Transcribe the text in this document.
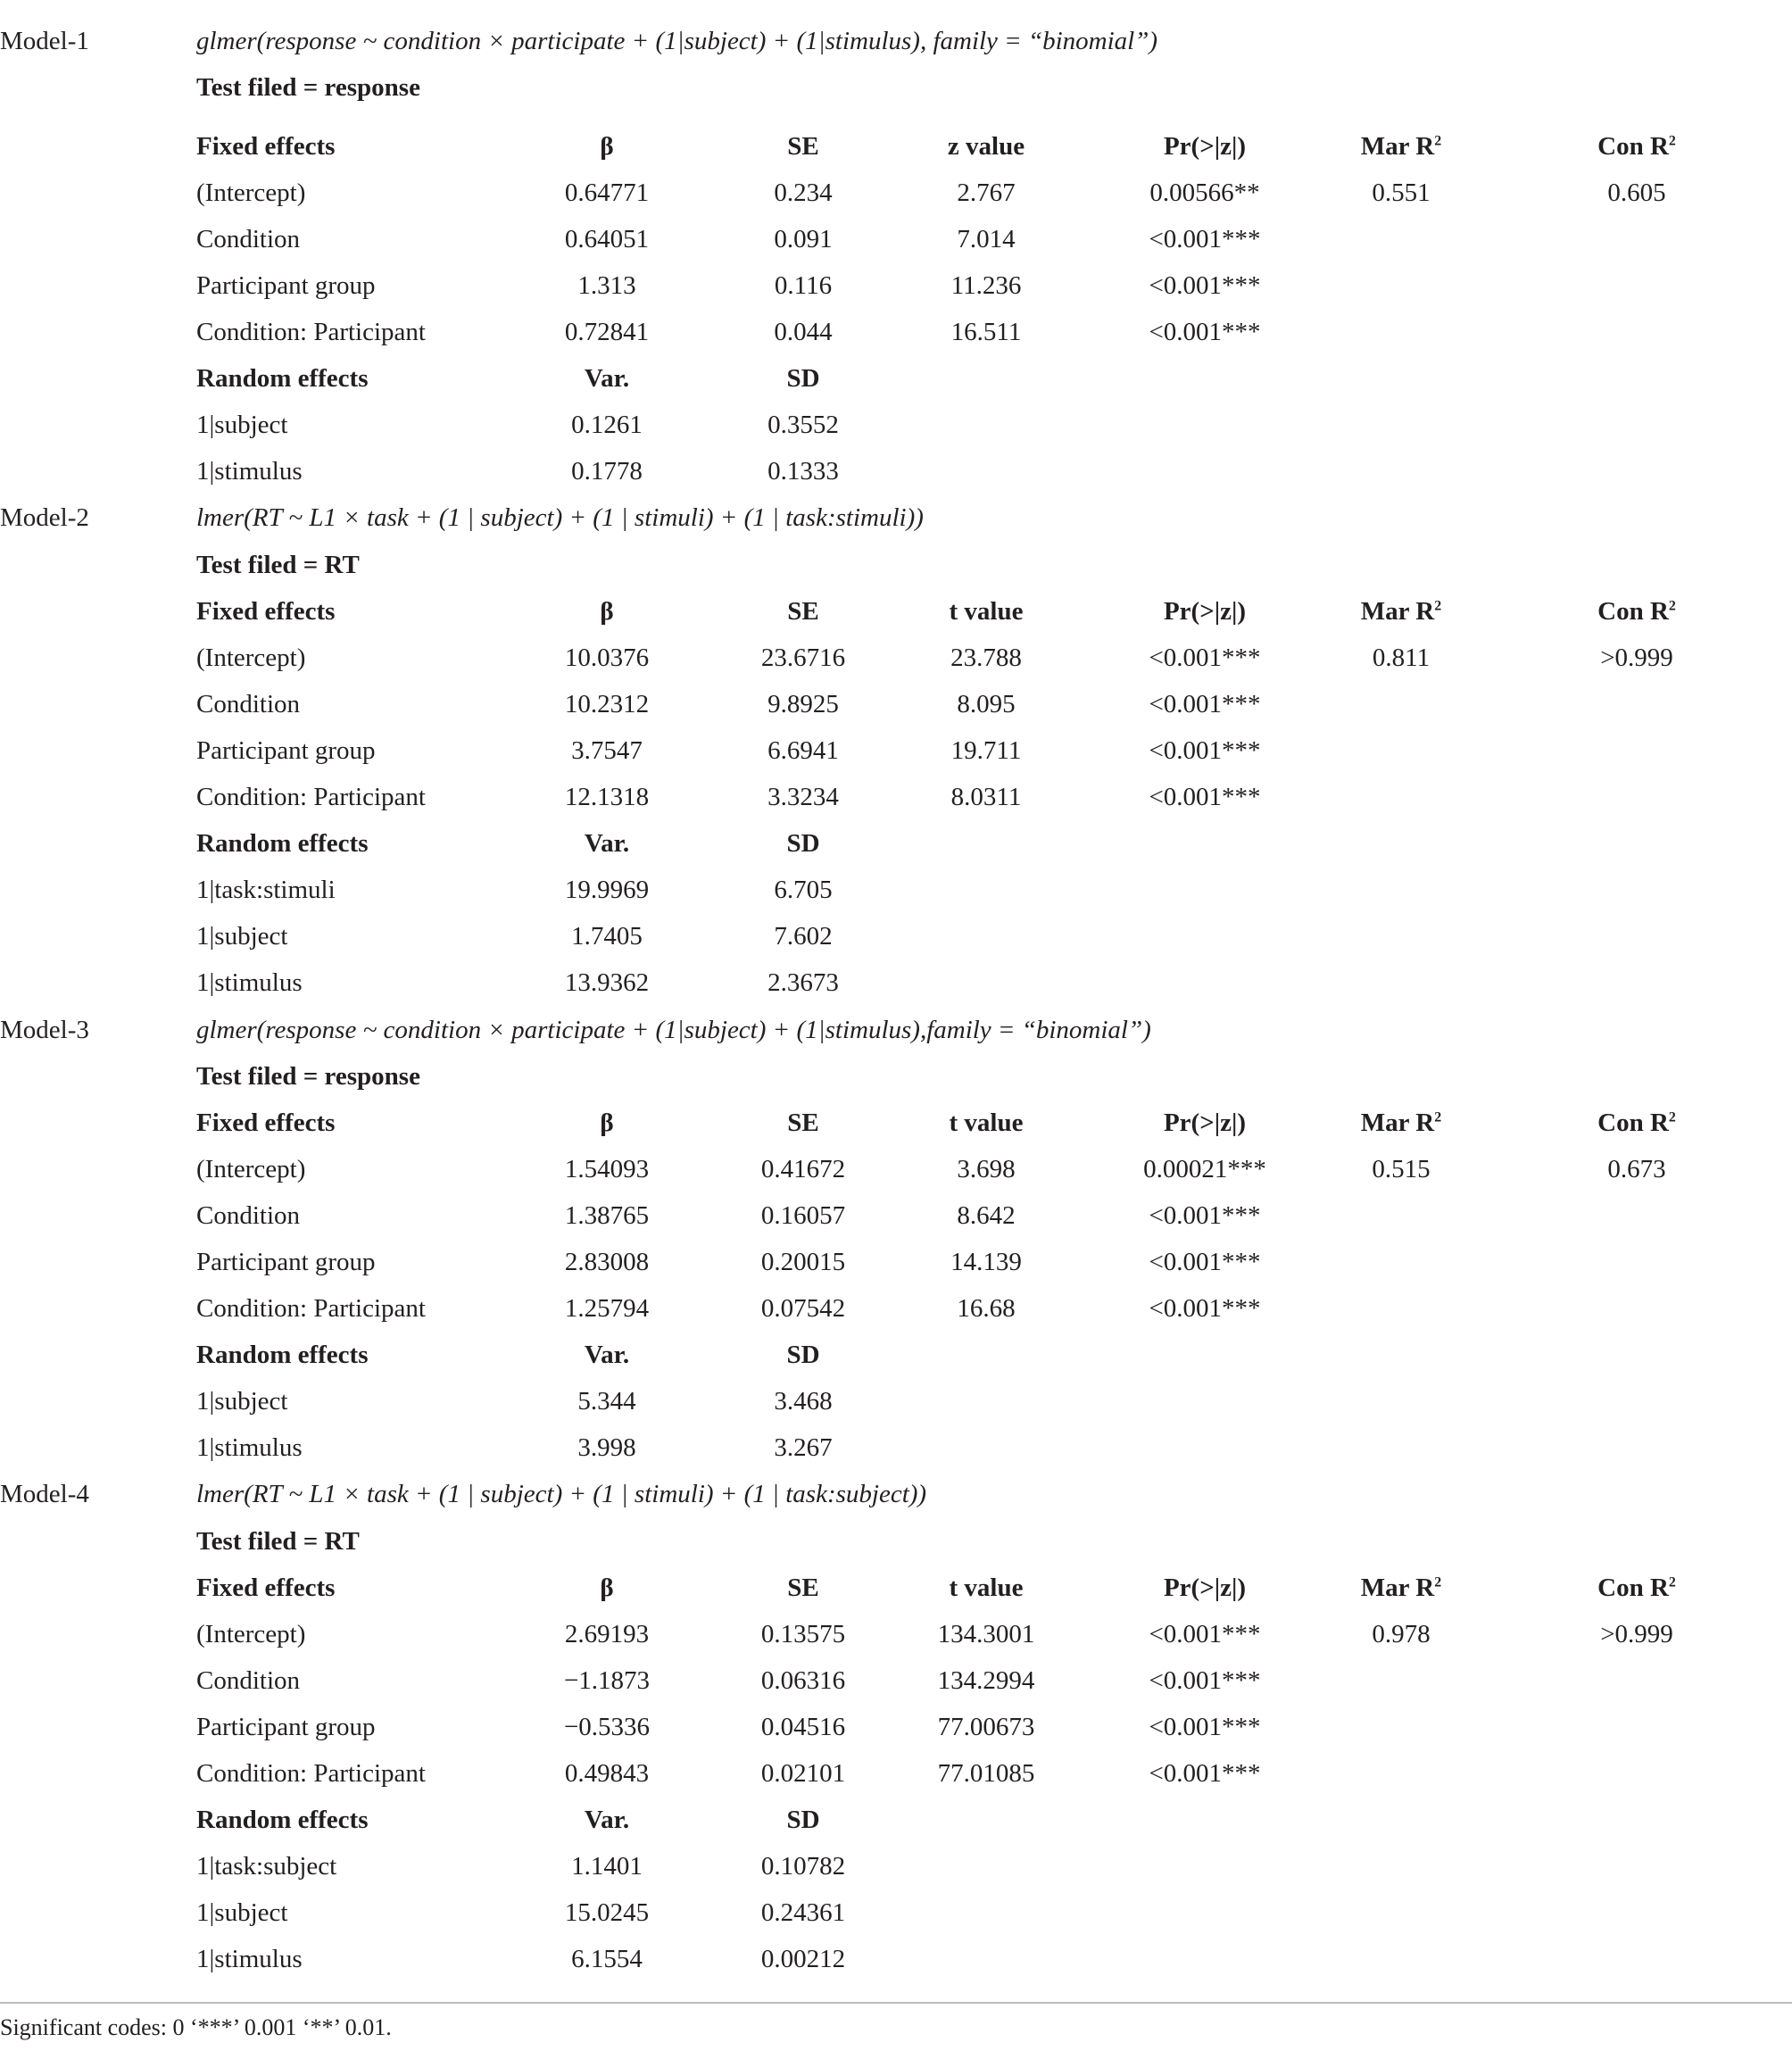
Model-1	glmer(response ~ condition × participate + (1|subject) + (1|stimulus), family = “binomial”)						
	Test filed = response						

	Fixed effects	β	SE	z value	Pr(>|z|)	Mar $R^2$	Con $R^2$
	(Intercept)	0.64771	0.234	2.767	0.00566**	0.551	0.605
	Condition	0.64051	0.091	7.014	<0.001***		
	Participant group	1.313	0.116	11.236	<0.001***		
	Condition: Participant	0.72841	0.044	16.511	<0.001***		
	Random effects	Var.	SD				
	1|subject	0.1261	0.3552				
	1|stimulus	0.1778	0.1333				
Model-2	lmer(RT ~ L1 × task + (1 | subject) + (1 | stimuli) + (1 | task:stimuli))						
	Test filed = RT						
	Fixed effects	β	SE	t value	Pr(>|z|)	Mar $R^2$	Con $R^2$
	(Intercept)	10.0376	23.6716	23.788	<0.001***	0.811	>0.999
	Condition	10.2312	9.8925	8.095	<0.001***		
	Participant group	3.7547	6.6941	19.711	<0.001***		
	Condition: Participant	12.1318	3.3234	8.0311	<0.001***		
	Random effects	Var.	SD				
	1|task:stimuli	19.9969	6.705				
	1|subject	1.7405	7.602				
	1|stimulus	13.9362	2.3673				
Model-3	glmer(response ~ condition × participate + (1|subject) + (1|stimulus),family = “binomial”)						
	Test filed = response						
	Fixed effects	β	SE	t value	Pr(>|z|)	Mar $R^2$	Con $R^2$
	(Intercept)	1.54093	0.41672	3.698	0.00021***	0.515	0.673
	Condition	1.38765	0.16057	8.642	<0.001***		
	Participant group	2.83008	0.20015	14.139	<0.001***		
	Condition: Participant	1.25794	0.07542	16.68	<0.001***		
	Random effects	Var.	SD				
	1|subject	5.344	3.468				
	1|stimulus	3.998	3.267				
Model-4	lmer(RT ~ L1 × task + (1 | subject) + (1 | stimuli) + (1 | task:subject))						
	Test filed = RT						
	Fixed effects	β	SE	t value	Pr(>|z|)	Mar $R^2$	Con $R^2$
	(Intercept)	2.69193	0.13575	134.3001	<0.001***	0.978	>0.999
	Condition	−1.1873	0.06316	134.2994	<0.001***		
	Participant group	−0.5336	0.04516	77.00673	<0.001***		
	Condition: Participant	0.49843	0.02101	77.01085	<0.001***		
	Random effects	Var.	SD				
	1|task:subject	1.1401	0.10782				
	1|subject	15.0245	0.24361				
	1|stimulus	6.1554	0.00212				
Significant codes: 0 ‘***’ 0.001 ‘**’ 0.01.
